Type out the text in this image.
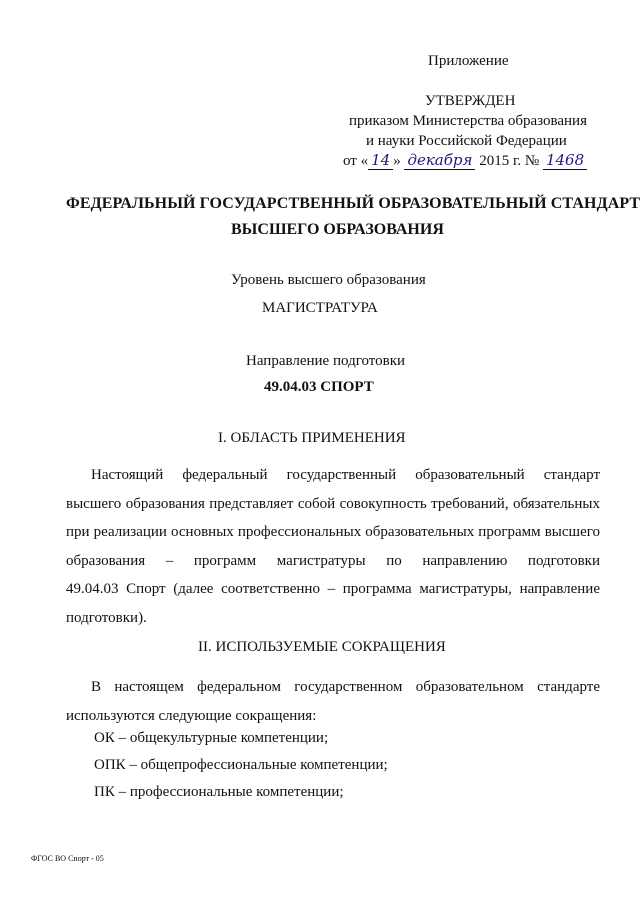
Приложение
УТВЕРЖДЕН
приказом Министерства образования
и науки Российской Федерации
от « 14 » декабря 2015 г. № 1468
ФЕДЕРАЛЬНЫЙ ГОСУДАРСТВЕННЫЙ ОБРАЗОВАТЕЛЬНЫЙ СТАНДАРТ
ВЫСШЕГО ОБРАЗОВАНИЯ
Уровень высшего образования
МАГИСТРАТУРА
Направление подготовки
49.04.03 СПОРТ
I. ОБЛАСТЬ ПРИМЕНЕНИЯ
Настоящий федеральный государственный образовательный стандарт
высшего образования представляет собой совокупность требований, обязательных
при реализации основных профессиональных образовательных программ высшего
образования – программ магистратуры по направлению подготовки
49.04.03 Спорт (далее соответственно – программа магистратуры, направление
подготовки).
II. ИСПОЛЬЗУЕМЫЕ СОКРАЩЕНИЯ
В настоящем федеральном государственном образовательном стандарте
используются следующие сокращения:
ОК – общекультурные компетенции;
ОПК – общепрофессиональные компетенции;
ПК – профессиональные компетенции;
ФГОС ВО Спорт - 05
